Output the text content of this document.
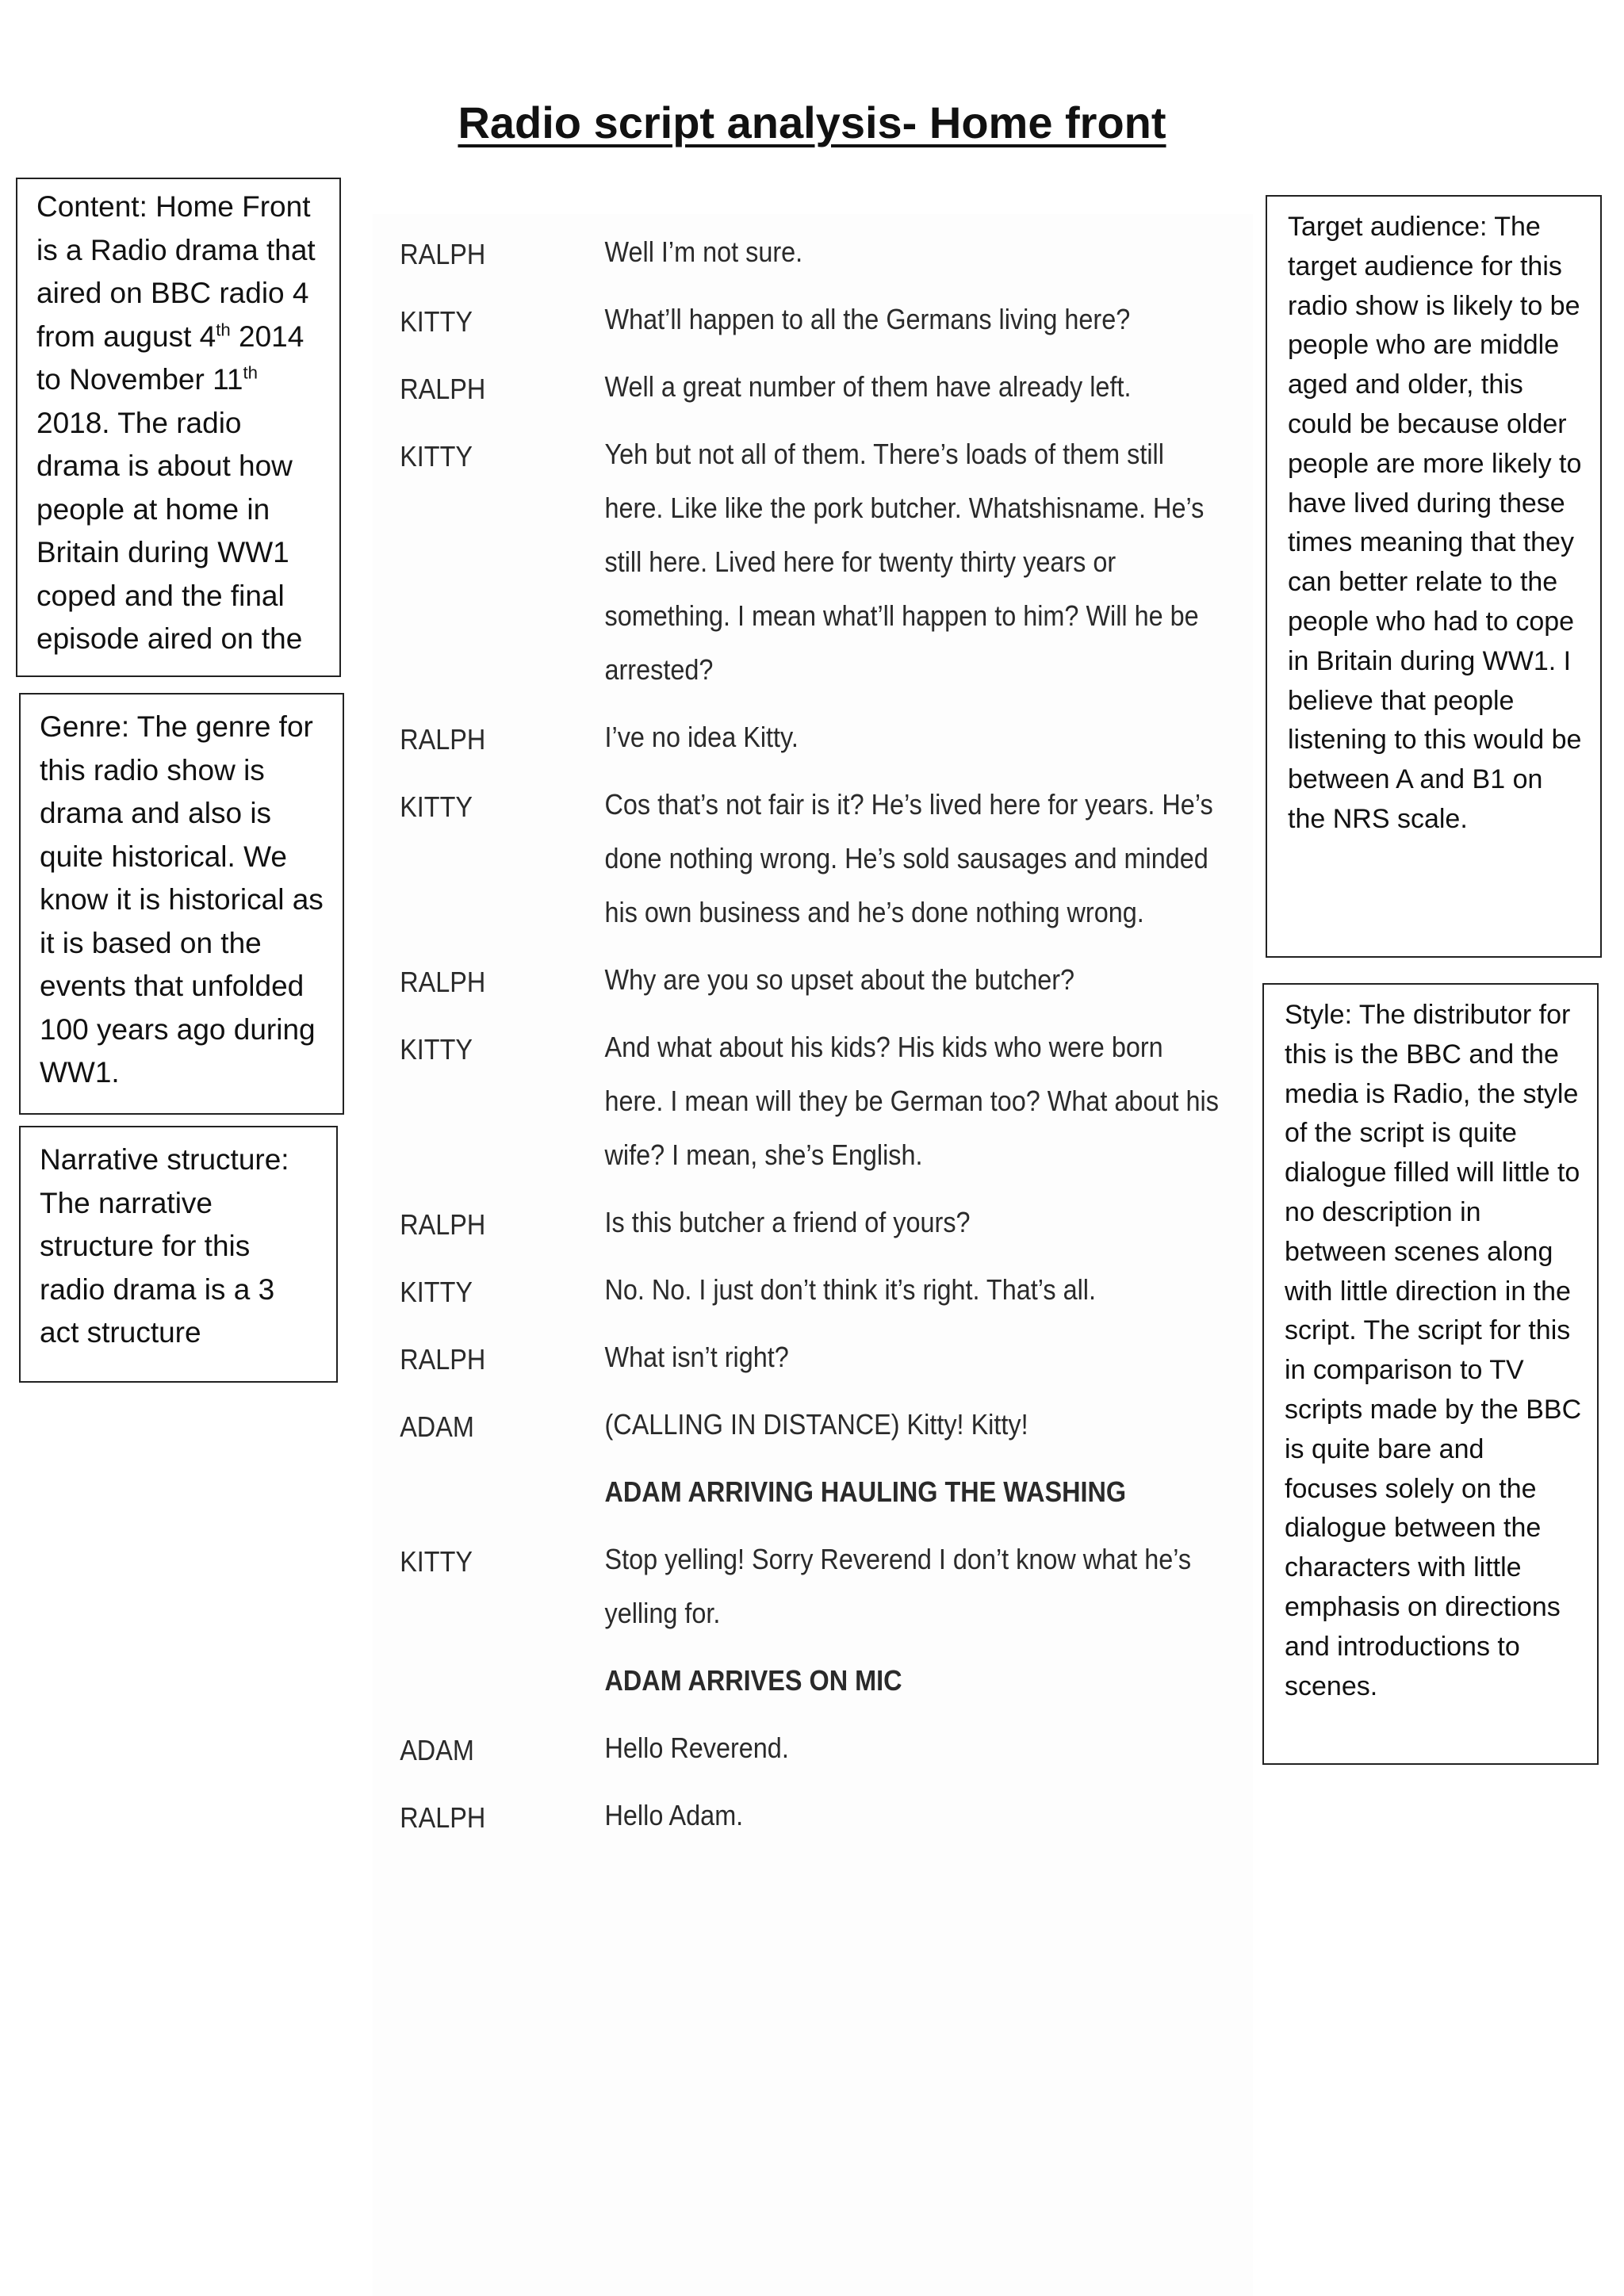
Radio script analysis- Home front
Content: Home Front is a Radio drama that aired on BBC radio 4 from august 4th 2014 to November 11th 2018. The radio drama is about how people at home in Britain during WW1 coped and the final episode aired on the
Genre: The genre for this radio show is drama and also is quite historical. We know it is historical as it is based on the events that unfolded 100 years ago during WW1.
Narrative structure: The narrative structure for this radio drama is a 3 act structure
RALPH	Well I’m not sure.
KITTY	What’ll happen to all the Germans living here?
RALPH	Well a great number of them have already left.
KITTY	Yeh but not all of them. There’s loads of them still
here. Like like the pork butcher. Whatshisname. He’s
still here. Lived here for twenty thirty years or
something. I mean what’ll happen to him? Will he be
arrested?
RALPH	I’ve no idea Kitty.
KITTY	Cos that’s not fair is it? He’s lived here for years. He’s
done nothing wrong. He’s sold sausages and minded
his own business and he’s done nothing wrong.
RALPH	Why are you so upset about the butcher?
KITTY	And what about his kids? His kids who were born
here. I mean will they be German too? What about his
wife? I mean, she’s English.
RALPH	Is this butcher a friend of yours?
KITTY	No. No. I just don’t think it’s right. That’s all.
RALPH	What isn’t right?
ADAM	(CALLING IN DISTANCE) Kitty! Kitty!
ADAM ARRIVING HAULING THE WASHING
KITTY	Stop yelling! Sorry Reverend I don’t know what he’s
yelling for.
ADAM ARRIVES ON MIC
ADAM	Hello Reverend.
RALPH	Hello Adam.
Target audience: The target audience for this radio show is likely to be people who are middle aged and older, this could be because older people are more likely to have lived during these times meaning that they can better relate to the people who had to cope in Britain during WW1. I believe that people listening to this would be between A and B1 on the NRS scale.
Style: The distributor for this is the BBC and the media is Radio, the style of the script is quite dialogue filled will little to no description in between scenes along with little direction in the script. The script for this in comparison to TV scripts made by the BBC is quite bare and focuses solely on the dialogue between the characters with little emphasis on directions and introductions to scenes.
